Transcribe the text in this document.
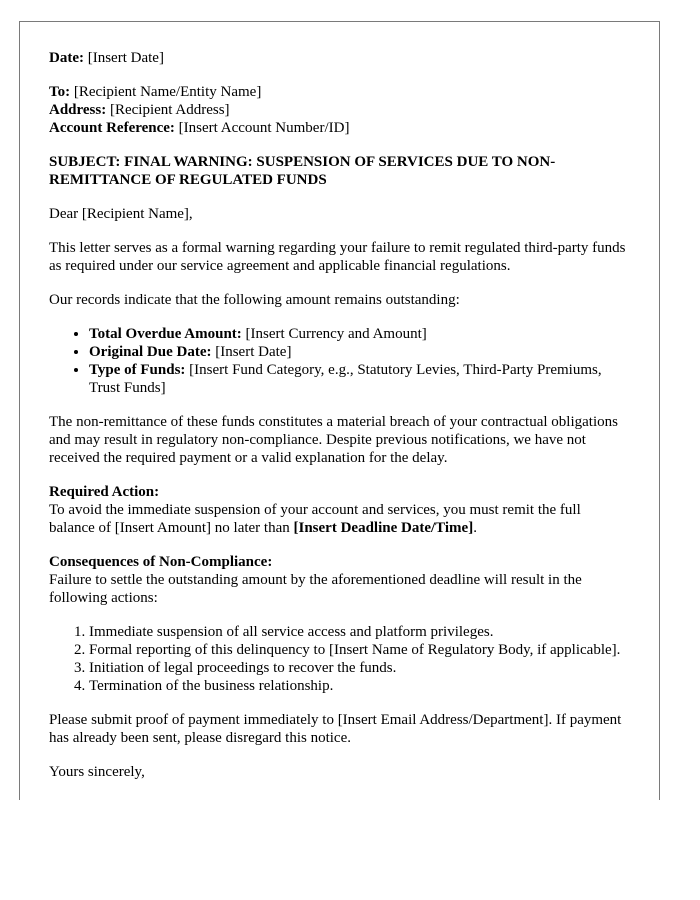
Date: [Insert Date]

To: [Recipient Name/Entity Name]

Address: [Recipient Address]

Account Reference: [Insert Account Number/ID]

SUBJECT: FINAL WARNING: SUSPENSION OF SERVICES DUE TO NON-REMITTANCE OF REGULATED FUNDS

Dear [Recipient Name],

This letter serves as a formal warning regarding your failure to remit regulated third-party funds as required under our service agreement and applicable financial regulations.

Our records indicate that the following amount remains outstanding:

• Total Overdue Amount: [Insert Currency and Amount]
• Original Due Date: [Insert Date]
• Type of Funds: [Insert Fund Category, e.g., Statutory Levies, Third-Party Premiums, Trust Funds]

The non-remittance of these funds constitutes a material breach of your contractual obligations and may result in regulatory non-compliance. Despite previous notifications, we have not received the required payment or a valid explanation for the delay.

Required Action:
To avoid the immediate suspension of your account and services, you must remit the full balance of [Insert Amount] no later than [Insert Deadline Date/Time].

Consequences of Non-Compliance:
Failure to settle the outstanding amount by the aforementioned deadline will result in the following actions:

1. Immediate suspension of all service access and platform privileges.
2. Formal reporting of this delinquency to [Insert Name of Regulatory Body, if applicable].
3. Initiation of legal proceedings to recover the funds.
4. Termination of the business relationship.

Please submit proof of payment immediately to [Insert Email Address/Department]. If payment has already been sent, please disregard this notice.

Yours sincerely,
